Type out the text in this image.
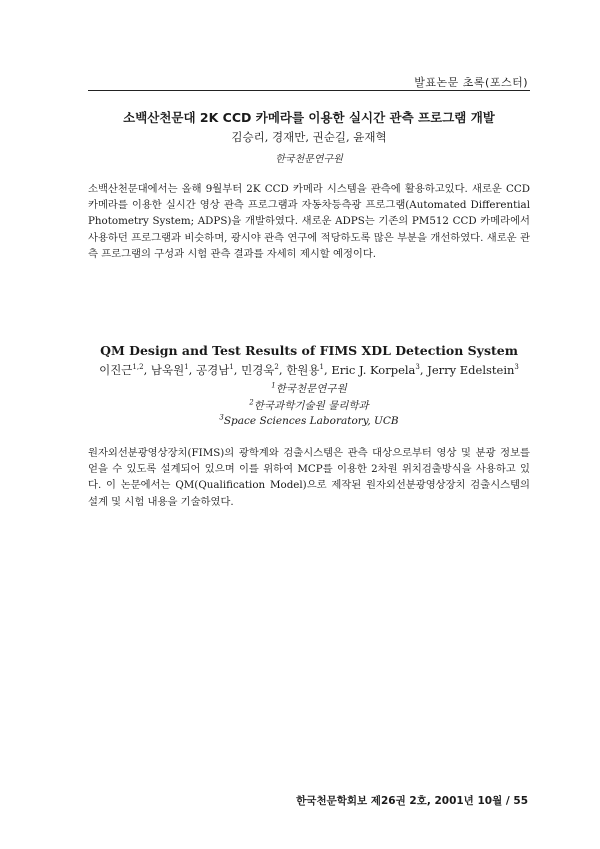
발표논문 초록(포스터)
소백산천문대 2K CCD 카메라를 이용한 실시간 관측 프로그램 개발
김승리, 경재만, 권순길, 윤재혁
한국천문연구원
소백산천문대에서는 올해 9월부터 2K CCD 카메라 시스템을 관측에 활용하고있다. 새로운 CCD 카메라를 이용한 실시간 영상 관측 프로그램과 자동차등측광 프로그램(Automated Differential Photometry System; ADPS)을 개발하였다. 새로운 ADPS는 기존의 PM512 CCD 카메라에서 사용하던 프로그램과 비슷하며, 광시야 관측 연구에 적당하도록 많은 부분을 개선하였다. 새로운 관측 프로그램의 구성과 시험 관측 결과를 자세히 제시할 예정이다.
QM Design and Test Results of FIMS XDL Detection System
이진근$^{1,2}$, 남욱원$^1$, 공경남$^1$, 민경욱$^2$, 한원용$^1$, Eric J. Korpela$^3$, Jerry Edelstein$^3$
$^1$한국천문연구원
$^2$한국과학기술원 물리학과
$^3$Space Sciences Laboratory, UCB
원자외선분광영상장치(FIMS)의 광학계와 검출시스템은 관측 대상으로부터 영상 및 분광 정보를 얻을 수 있도록 설계되어 있으며 이를 위하여 MCP를 이용한 2차원 위치검출방식을 사용하고 있다. 이 논문에서는 QM(Qualification Model)으로 제작된 원자외선분광영상장치 검출시스템의 설계 및 시험 내용을 기술하였다.
한국천문학회보 제26권 2호, 2001년 10월 / 55
